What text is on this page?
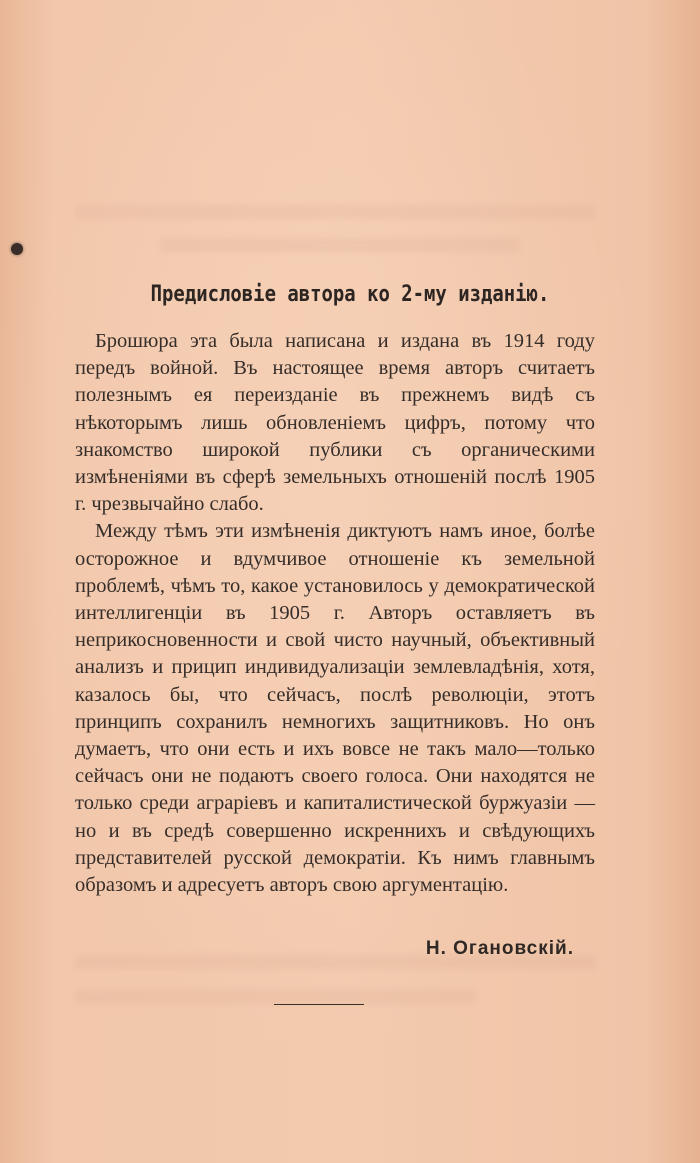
Предисловіе автора ко 2-му изданію.

Брошюра эта была написана и издана въ 1914 году передъ войной. Въ настоящее время авторъ считаетъ полезнымъ ея переизданіе въ прежнемъ видѣ съ нѣкоторымъ лишь обновленіемъ цифръ, потому что знакомство широкой публики съ органическими измѣненіями въ сферѣ земельныхъ отношеній послѣ 1905 г. чрезвычайно слабо.

Между тѣмъ эти измѣненія диктуютъ намъ иное, болѣе осторожное и вдумчивое отношеніе къ земельной проблемѣ, чѣмъ то, какое установилось у демократической интеллигенціи въ 1905 г. Авторъ оставляетъ въ неприкосновенности и свой чисто научный, объективный анализъ и прицип индивидуализаціи землевладѣнія, хотя, казалось бы, что сейчасъ, послѣ революціи, этотъ принципъ сохранилъ немногихъ защитниковъ. Но онъ думаетъ, что они есть и ихъ вовсе не такъ мало—только сейчасъ они не подаютъ своего голоса. Они находятся не только среди аграріевъ и капиталистической буржуазіи — но и въ средѣ совершенно искреннихъ и свѣдующихъ представителей русской демократіи. Къ нимъ главнымъ образомъ и адресуетъ авторъ свою аргументацію.

Н. Огановскій.
